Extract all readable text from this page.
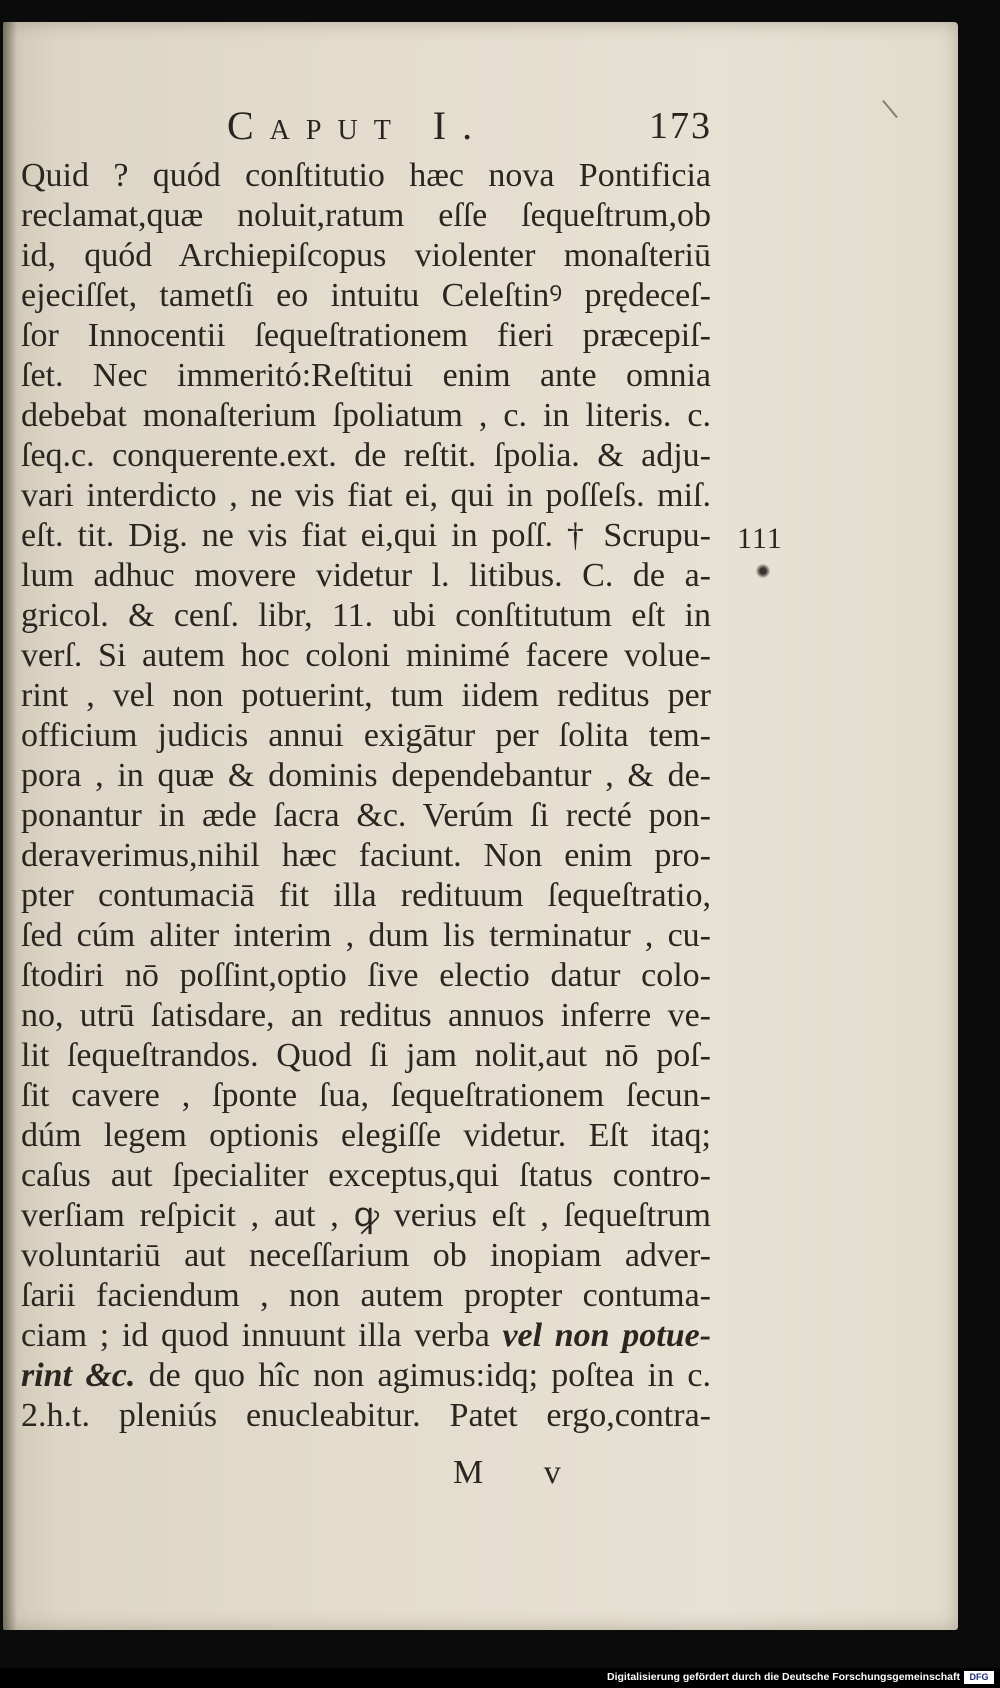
Caput I.	173
Quid ? quód conſtitutio hæc nova Pontificia
reclamat,quæ noluit,ratum eſſe ſequeſtrum,ob
id, quód Archiepiſcopus violenter monaſteriū
ejeciſſet, tametſi eo intuitu Celeſtinꝰ prędeceſ-
ſor Innocentii ſequeſtrationem fieri præcepiſ-
ſet. Nec immeritó:Reſtitui enim ante omnia
debebat monaſterium ſpoliatum , c. in literis. c.
ſeq.c. conquerente.ext. de reſtit. ſpolia. & adju-
vari interdicto , ne vis fiat ei, qui in poſſeſs. miſ.
eſt. tit. Dig. ne vis fiat ei,qui in poſſ. † Scrupu-
lum adhuc movere videtur l. litibus. C. de a-
gricol. & cenſ. libr, 11. ubi conſtitutum eſt in
verſ. Si autem hoc coloni minimé facere volue-
rint , vel non potuerint, tum iidem reditus per
officium judicis annui exigātur per ſolita tem-
pora , in quæ & dominis dependebantur , & de-
ponantur in æde ſacra &c. Verúm ſi recté pon-
deraverimus,nihil hæc faciunt. Non enim pro-
pter contumaciā fit illa redituum ſequeſtratio,
ſed cúm aliter interim , dum lis terminatur , cu-
ſtodiri nō poſſint,optio ſive electio datur colo-
no, utrū ſatisdare, an reditus annuos inferre ve-
lit ſequeſtrandos. Quod ſi jam nolit,aut nō poſ-
ſit cavere , ſponte ſua, ſequeſtrationem ſecun-
dúm legem optionis elegiſſe videtur. Eſt itaq;
caſus aut ſpecialiter exceptus,qui ſtatus contro-
verſiam reſpicit , aut , ꝙ verius eſt , ſequeſtrum
voluntariū aut neceſſarium ob inopiam adver-
ſarii faciendum , non autem propter contuma-
ciam ; id quod innuunt illa verba vel non potue-
rint &c. de quo hîc non agimus:idq; poſtea in c.
2.h.t. pleniús enucleabitur. Patet ergo,contra-
111
M v
Digitalisierung gefördert durch die Deutsche Forschungsgemeinschaft	DFG
